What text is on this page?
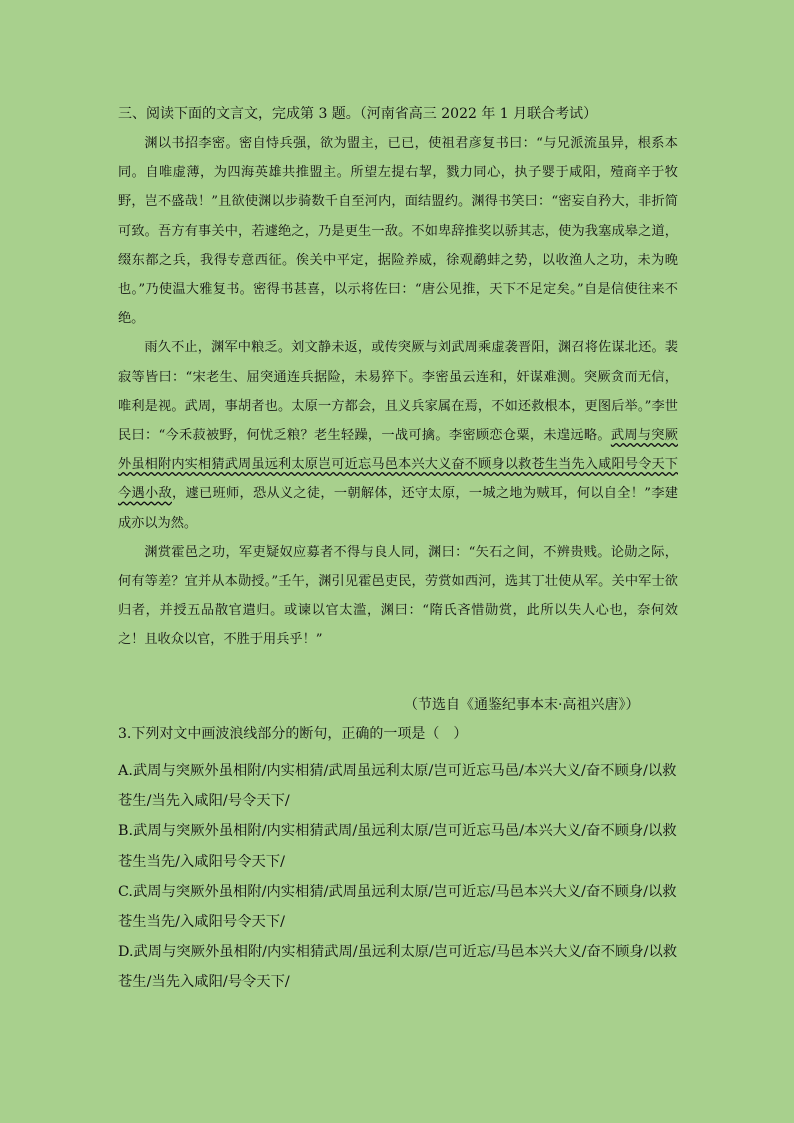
三、阅读下面的文言文，完成第 3 题。（河南省高三 2022 年 1 月联合考试）

渊以书招李密。密自恃兵强，欲为盟主，已已，使祖君彦复书曰：“与兄派流虽异，根系本同。自唯虚薄，为四海英雄共推盟主。所望左提右挈，戮力同心，执子婴于咸阳，殪商辛于牧野，岂不盛哉！”且欲使渊以步骑数千自至河内，面结盟约。渊得书笑曰：“密妄自矜大，非折简可致。吾方有事关中，若遽绝之，乃是更生一敌。不如卑辞推奖以骄其志，使为我塞成皋之道，缀东都之兵，我得专意西征。俟关中平定，据险养威，徐观鹬蚌之势，以收渔人之功，未为晚也。”乃使温大雅复书。密得书甚喜，以示将佐曰：“唐公见推，天下不足定矣。”自是信使往来不绝。

雨久不止，渊军中粮乏。刘文静未返，或传突厥与刘武周乘虚袭晋阳，渊召将佐谋北还。裴寂等皆曰：“宋老生、屈突通连兵据险，未易猝下。李密虽云连和，奸谋难测。突厥贪而无信，唯利是视。武周，事胡者也。太原一方都会，且义兵家属在焉，不如还救根本，更图后举。”李世民曰：“今禾菽被野，何忧乏粮？老生轻躁，一战可擒。李密顾恋仓粟，未遑远略。武周与突厥外虽相附内实相猜武周虽远利太原岂可近忘马邑本兴大义奋不顾身以救苍生当先入咸阳号令天下今遇小敌，遽已班师，恐从义之徒，一朝解体，还守太原，一城之地为贼耳，何以自全！”李建成亦以为然。

渊赏霍邑之功，军吏疑奴应募者不得与良人同，渊曰：“矢石之间，不辨贵贱。论勋之际，何有等差？宜并从本勋授。”壬午，渊引见霍邑吏民，劳赏如西河，选其丁壮使从军。关中军士欲归者，并授五品散官遣归。或谏以官太滥，渊曰：“隋氏吝惜勋赏，此所以失人心也，奈何效之！且收众以官，不胜于用兵乎！”

（节选自《通鉴纪事本末·高祖兴唐》）
3.下列对文中画波浪线部分的断句，正确的一项是（　）
A.武周与突厥外虽相附/内实相猜/武周虽远利太原/岂可近忘马邑/本兴大义/奋不顾身/以救苍生/当先入咸阳/号令天下/
B.武周与突厥外虽相附/内实相猜武周/虽远利太原/岂可近忘马邑/本兴大义/奋不顾身/以救苍生当先/入咸阳号令天下/
C.武周与突厥外虽相附/内实相猜/武周虽远利太原/岂可近忘/马邑本兴大义/奋不顾身/以救苍生当先/入咸阳号令天下/
D.武周与突厥外虽相附/内实相猜武周/虽远利太原/岂可近忘/马邑本兴大义/奋不顾身/以救苍生/当先入咸阳/号令天下/
